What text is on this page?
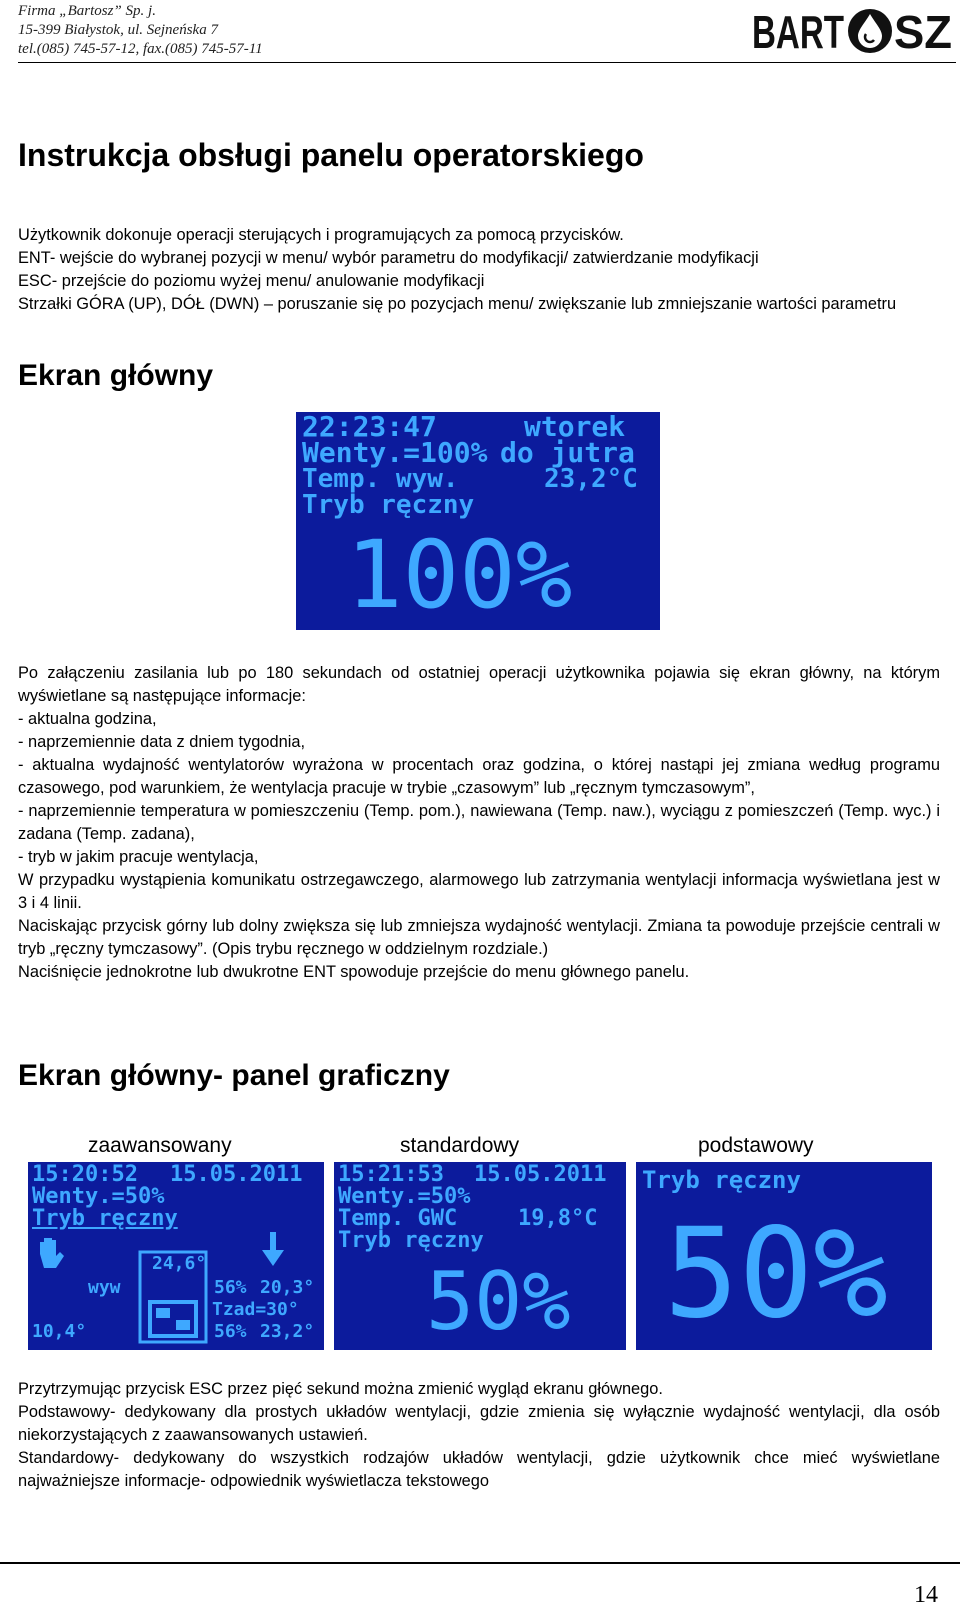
Firma „Bartosz” Sp. j.
15-399 Białystok, ul. Sejneńska 7
tel.(085) 745-57-12, fax.(085) 745-57-11	BART SZ
Instrukcja obsługi panelu operatorskiego

Użytkownik dokonuje operacji sterujących i programujących za pomocą przycisków.

ENT- wejście do wybranej pozycji w menu/ wybór parametru do modyfikacji/ zatwierdzanie modyfikacji

ESC- przejście do poziomu wyżej menu/ anulowanie modyfikacji

Strzałki GÓRA (UP), DÓŁ (DWN) – poruszanie się po pozycjach menu/ zwiększanie lub zmniejszanie wartości parametru

Ekran główny
22:23:47	wtorek
Wenty.=100% do jutra
Temp. wyw.	23,2°C
Tryb ręczny
100%

Po załączeniu zasilania lub po 180 sekundach od ostatniej operacji użytkownika pojawia się ekran główny, na którym wyświetlane są następujące informacje:

- aktualna godzina,

- naprzemiennie data z dniem tygodnia,

- aktualna wydajność wentylatorów wyrażona w procentach oraz godzina, o której nastąpi jej zmiana według programu czasowego, pod warunkiem, że wentylacja pracuje w trybie „czasowym” lub „ręcznym tymczasowym”,

- naprzemiennie temperatura w pomieszczeniu (Temp. pom.), nawiewana (Temp. naw.), wyciągu z pomieszczeń (Temp. wyc.) i zadana (Temp. zadana),

- tryb w jakim pracuje wentylacja,

W przypadku wystąpienia komunikatu ostrzegawczego, alarmowego lub zatrzymania wentylacji informacja wyświetlana jest w 3 i 4 linii.

Naciskając przycisk górny lub dolny zwiększa się lub zmniejsza wydajność wentylacji. Zmiana ta powoduje przejście centrali w tryb „ręczny tymczasowy”. (Opis trybu ręcznego w oddzielnym rozdziale.)

Naciśnięcie jednokrotne lub dwukrotne ENT spowoduje przejście do menu głównego panelu.

Ekran główny- panel graficzny
zaawansowany	standardowy	podstawowy
15:20:52 15.05.2011
Wenty.=50%
Tryb ręczny
24,6°
wyw	56% 20,3°
Tzad=30°
10,4°	56% 23,2°
15:21:53 15.05.2011
Wenty.=50%
Temp. GWC	19,8°C
Tryb ręczny
50%
Tryb ręczny
50%

Przytrzymując przycisk ESC przez pięć sekund można zmienić wygląd ekranu głównego.

Podstawowy- dedykowany dla prostych układów wentylacji, gdzie zmienia się wyłącznie wydajność wentylacji, dla osób niekorzystających z zaawansowanych ustawień.

Standardowy- dedykowany do wszystkich rodzajów układów wentylacji, gdzie użytkownik chce mieć wyświetlane najważniejsze informacje- odpowiednik wyświetlacza tekstowego

14
